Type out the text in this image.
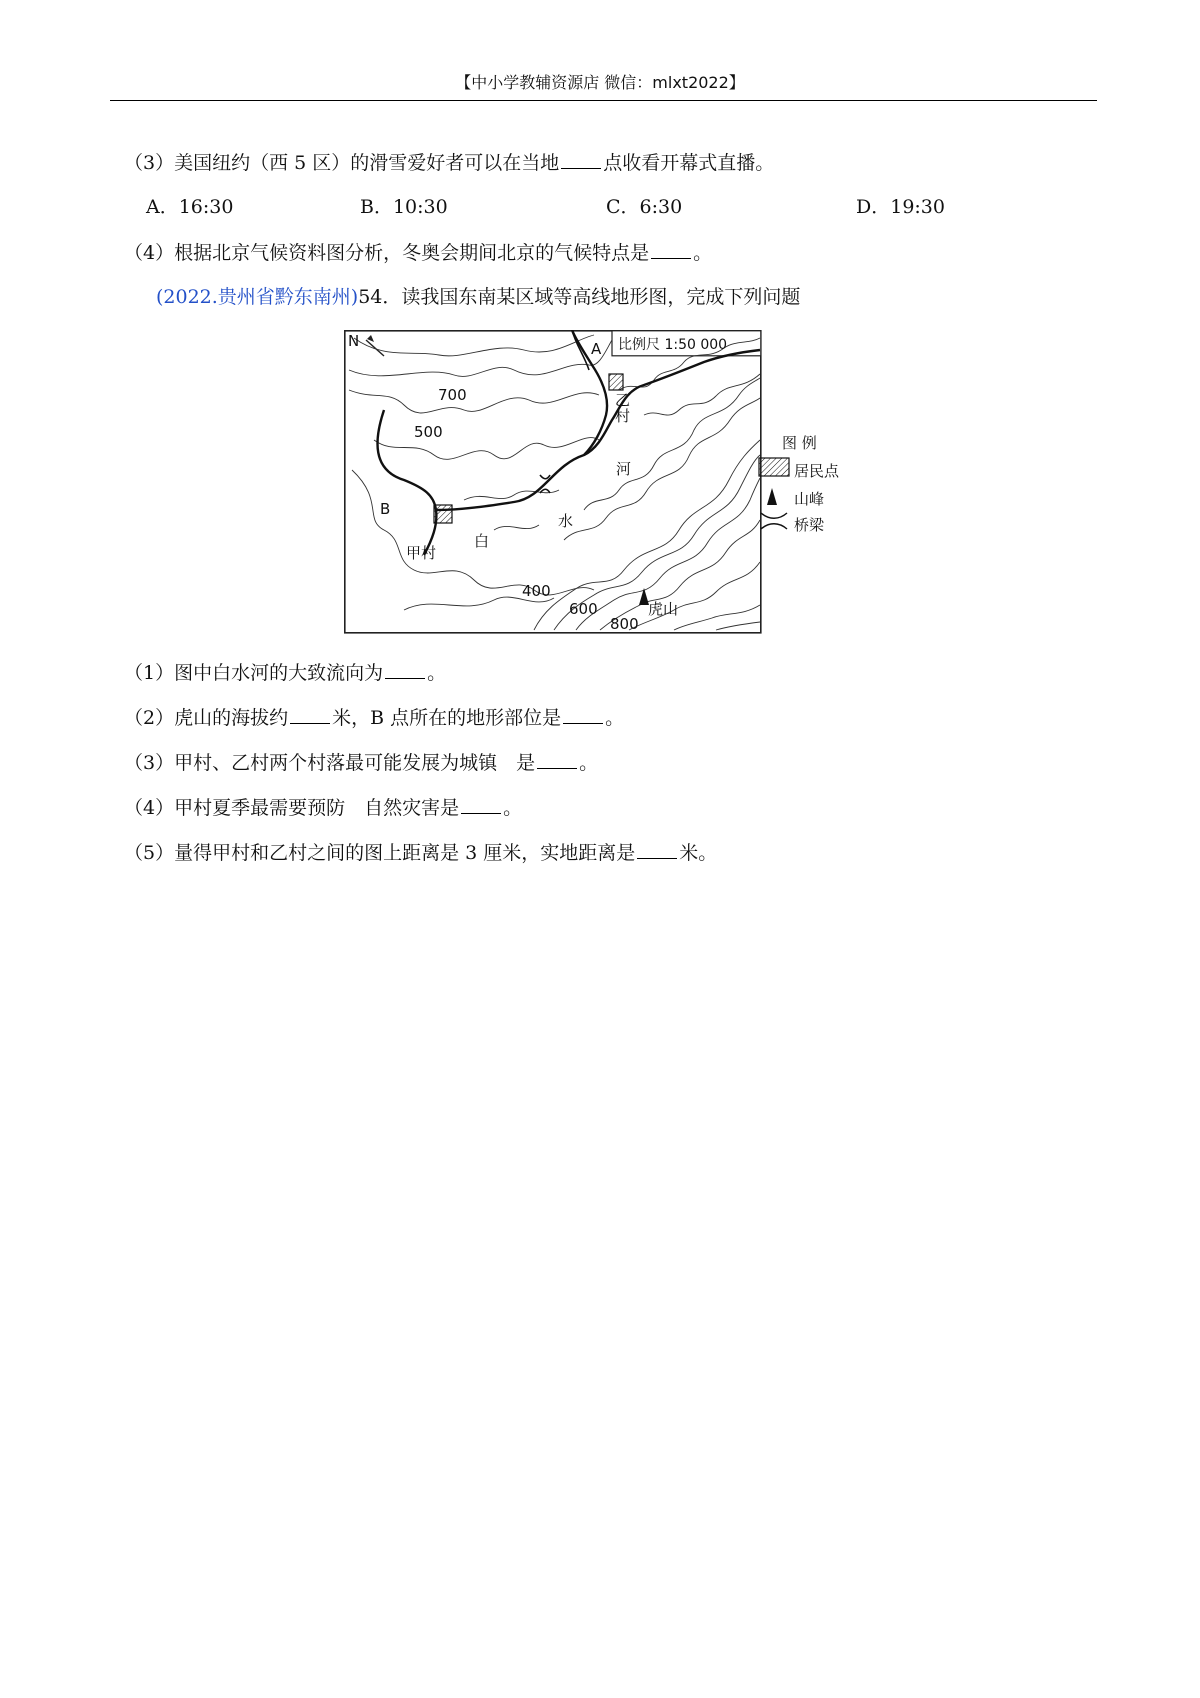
【中小学教辅资源店 微信：mlxt2022】
（3）美国纽约（西 5 区）的滑雪爱好者可以在当地 点收看开幕式直播。
A．16:30	B．10:30	C．6:30	D．19:30
（4）根据北京气候资料图分析，冬奥会期间北京的气候特点是 。
(2022.贵州省黔东南州)54．读我国东南某区域等高线地形图，完成下列问题
N	比例尺 1:50 000
A
B
乙村
甲村
白
水
河
700
500
400
600
800
虎山
图 例
居民点
山峰
桥梁
（1）图中白水河的大致流向为 。
（2）虎山的海拔约 米，B 点所在的地形部位是 。
（3）甲村、乙村两个村落最可能发展为城镇　是 。
（4）甲村夏季最需要预防　自然灾害是 。
（5）量得甲村和乙村之间的图上距离是 3 厘米，实地距离是 米。
